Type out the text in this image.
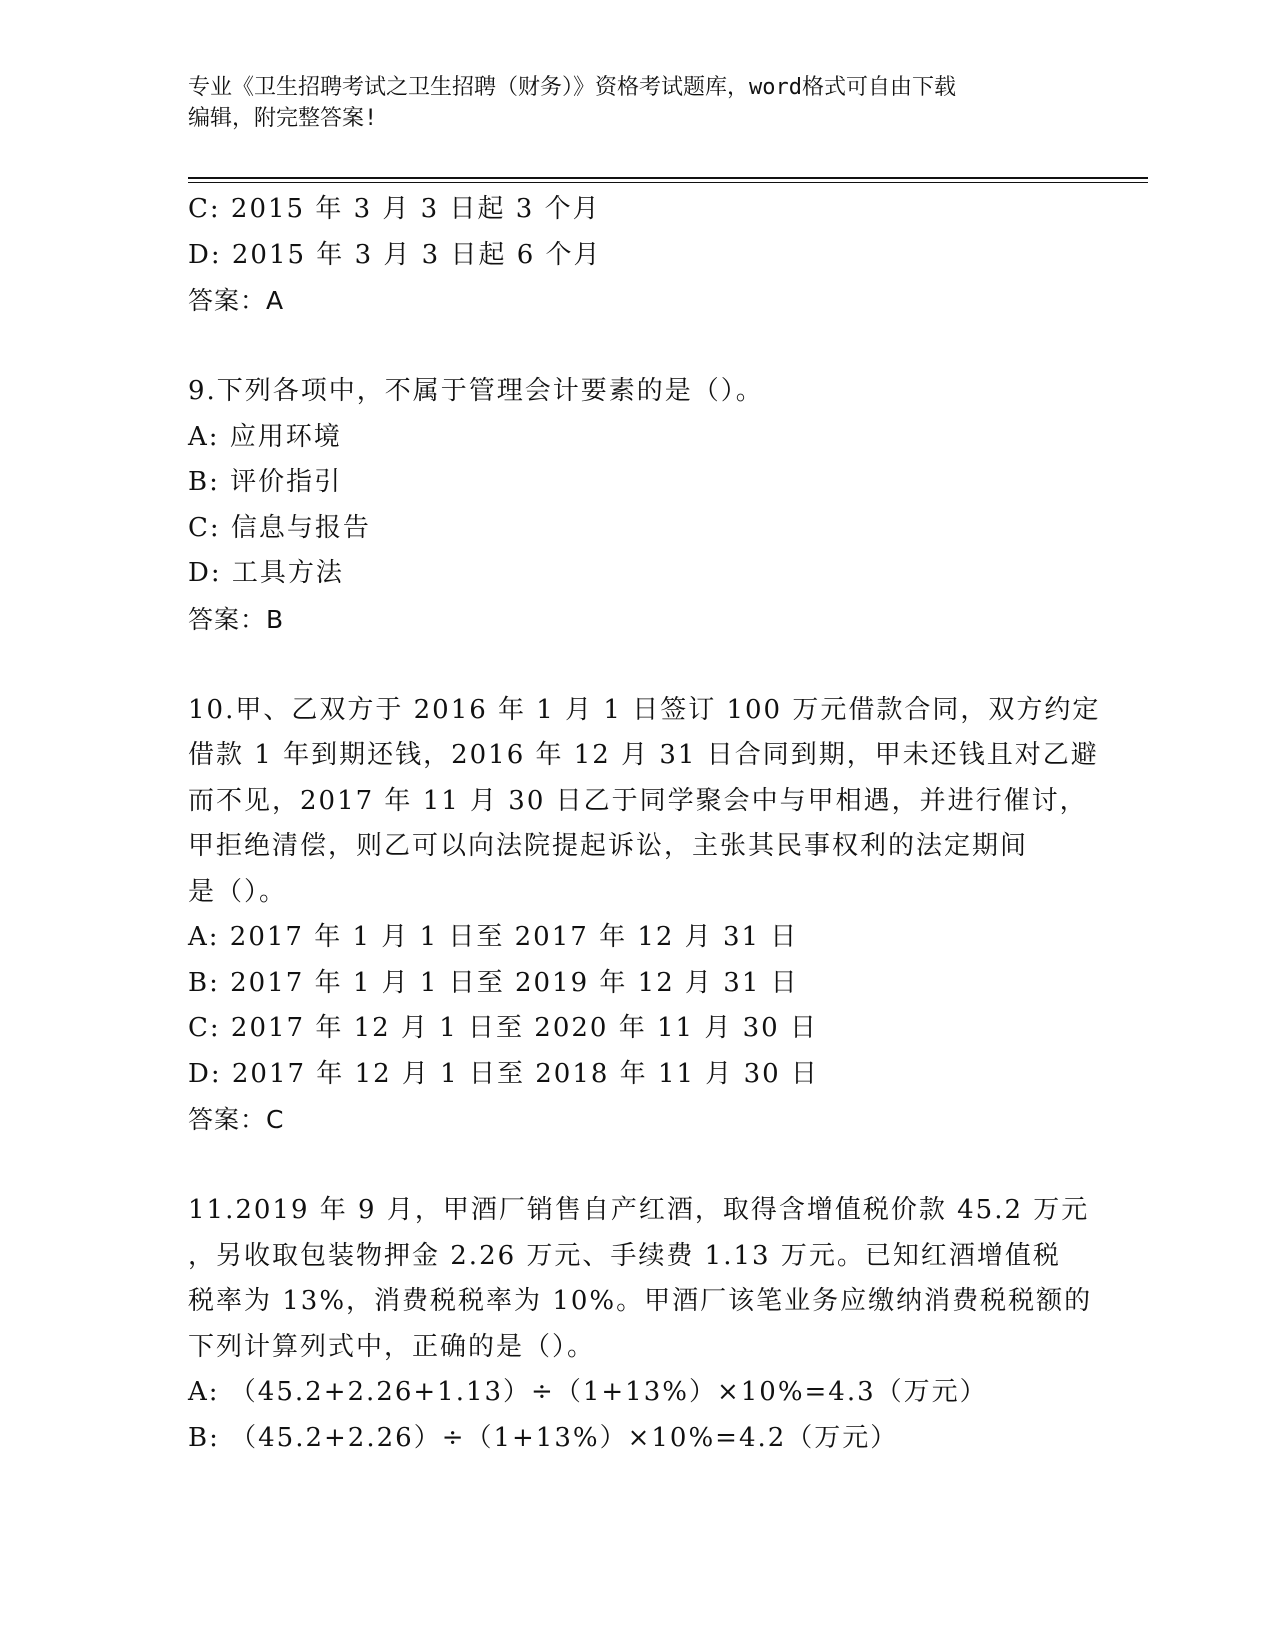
专业《卫生招聘考试之卫生招聘（财务）》资格考试题库，word格式可自由下载
编辑，附完整答案!
C: 2015 年 3 月 3 日起 3 个月
D: 2015 年 3 月 3 日起 6 个月
答案：A
9.下列各项中，不属于管理会计要素的是（）。
A: 应用环境
B: 评价指引
C: 信息与报告
D: 工具方法
答案：B
10.甲、乙双方于 2016 年 1 月 1 日签订 100 万元借款合同，双方约定
借款 1 年到期还钱，2016 年 12 月 31 日合同到期，甲未还钱且对乙避
而不见，2017 年 11 月 30 日乙于同学聚会中与甲相遇，并进行催讨，
甲拒绝清偿，则乙可以向法院提起诉讼，主张其民事权利的法定期间
是（）。
A: 2017 年 1 月 1 日至 2017 年 12 月 31 日
B: 2017 年 1 月 1 日至 2019 年 12 月 31 日
C: 2017 年 12 月 1 日至 2020 年 11 月 30 日
D: 2017 年 12 月 1 日至 2018 年 11 月 30 日
答案：C
11.2019 年 9 月，甲酒厂销售自产红酒，取得含增值税价款 45.2 万元
，另收取包装物押金 2.26 万元、手续费 1.13 万元。已知红酒增值税
税率为 13%，消费税税率为 10%。甲酒厂该笔业务应缴纳消费税税额的
下列计算列式中，正确的是（）。
A: （45.2+2.26+1.13）÷（1+13%）×10%=4.3（万元）
B: （45.2+2.26）÷（1+13%）×10%=4.2（万元）
